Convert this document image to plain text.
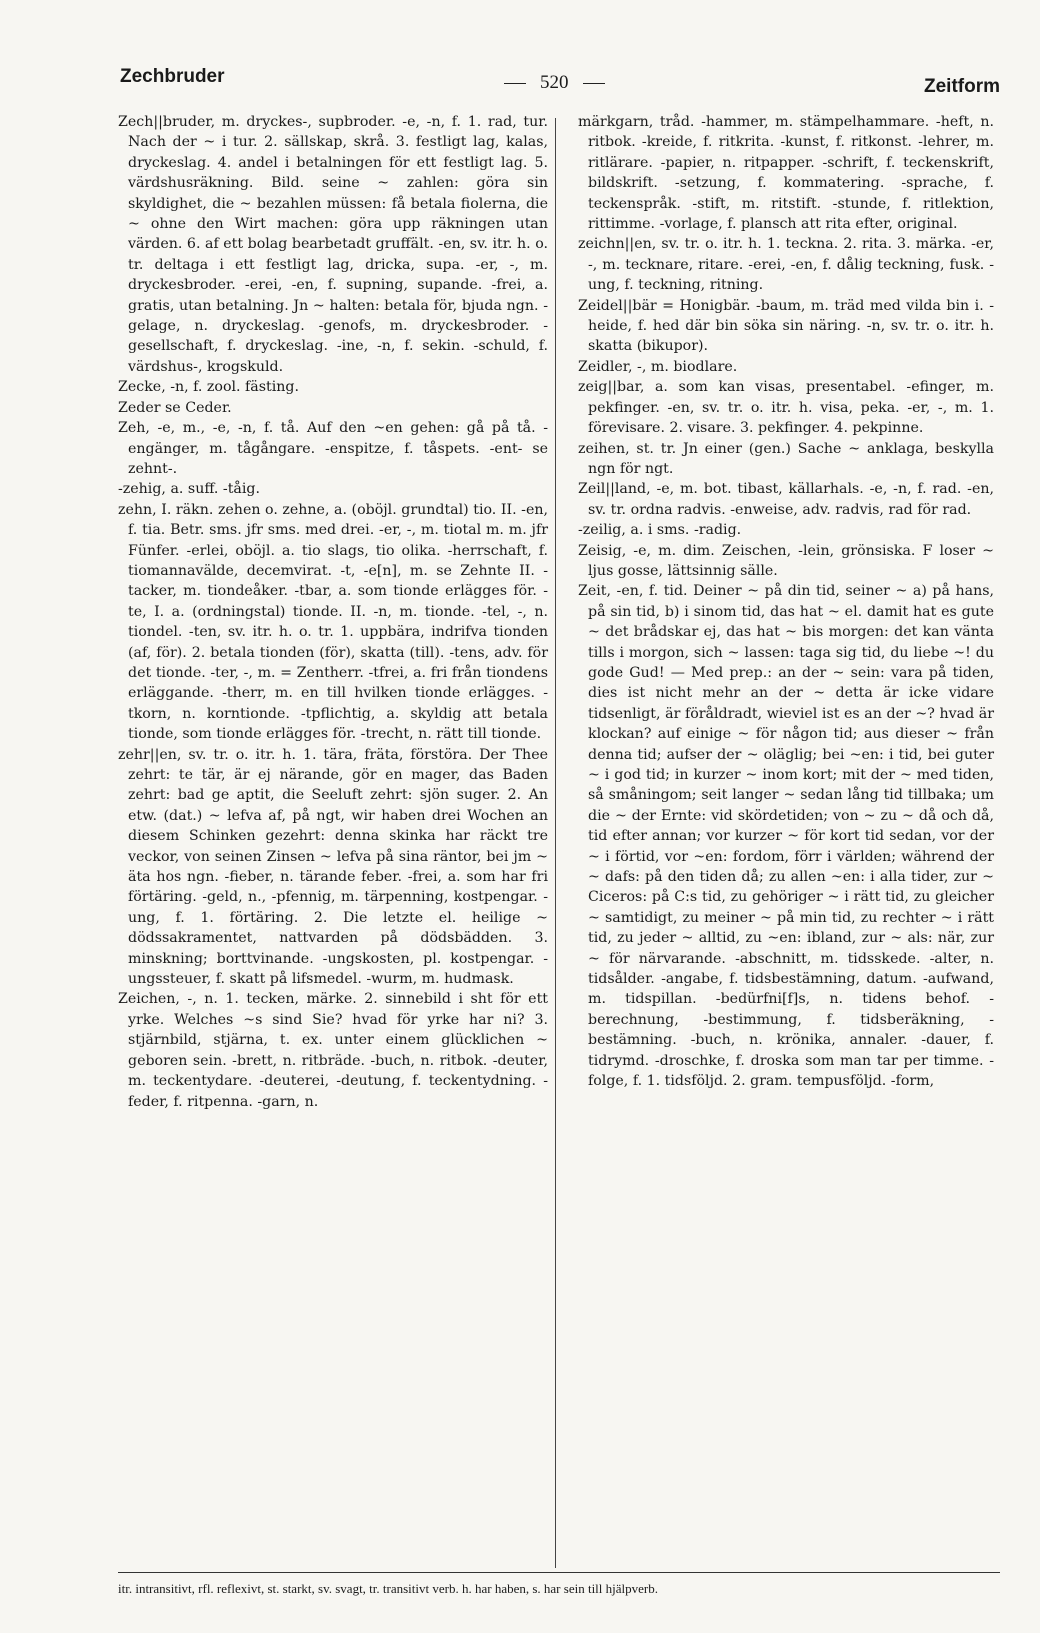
Zechbruder	520	Zeitform

Zech||bruder, m. dryckes-, supbroder. -e, -n, f. 1. rad, tur. Nach der ~ i tur. 2. sällskap, skrå. 3. festligt lag, kalas, dryckeslag. 4. andel i betalningen för ett festligt lag. 5. värdshusräkning. Bild. seine ~ zahlen: göra sin skyldighet, die ~ bezahlen müssen: få betala fiolerna, die ~ ohne den Wirt machen: göra upp räkningen utan värden. 6. af ett bolag bearbetadt gruffält. -en, sv. itr. h. o. tr. deltaga i ett festligt lag, dricka, supa. -er, -, m. dryckesbroder. -erei, -en, f. supning, supande. -frei, a. gratis, utan betalning. Jn ~ halten: betala för, bjuda ngn. -gelage, n. dryckeslag. -genofs, m. dryckesbroder. -gesellschaft, f. dryckeslag. -ine, -n, f. sekin. -schuld, f. värdshus-, krogskuld.

Zecke, -n, f. zool. fästing.

Zeder se Ceder.

Zeh, -e, m., -e, -n, f. tå. Auf den ~en gehen: gå på tå. -engänger, m. tågångare. -enspitze, f. tåspets. -ent- se zehnt-.

-zehig, a. suff. -tåig.

zehn, I. räkn. zehen o. zehne, a. (oböjl. grundtal) tio. II. -en, f. tia. Betr. sms. jfr sms. med drei. -er, -, m. tiotal m. m. jfr Fünfer. -erlei, oböjl. a. tio slags, tio olika. -herrschaft, f. tiomannavälde, decemvirat. -t, -e[n], m. se Zehnte II. -tacker, m. tiondeåker. -tbar, a. som tionde erlägges för. -te, I. a. (ordningstal) tionde. II. -n, m. tionde. -tel, -, n. tiondel. -ten, sv. itr. h. o. tr. 1. uppbära, indrifva tionden (af, för). 2. betala tionden (för), skatta (till). -tens, adv. för det tionde. -ter, -, m. = Zentherr. -tfrei, a. fri från tiondens erläggande. -therr, m. en till hvilken tionde erlägges. -tkorn, n. korntionde. -tpflichtig, a. skyldig att betala tionde, som tionde erlägges för. -trecht, n. rätt till tionde.

zehr||en, sv. tr. o. itr. h. 1. tära, fräta, förstöra. Der Thee zehrt: te tär, är ej närande, gör en mager, das Baden zehrt: bad ge aptit, die Seeluft zehrt: sjön suger. 2. An etw. (dat.) ~ lefva af, på ngt, wir haben drei Wochen an diesem Schinken gezehrt: denna skinka har räckt tre veckor, von seinen Zinsen ~ lefva på sina räntor, bei jm ~ äta hos ngn. -fieber, n. tärande feber. -frei, a. som har fri förtäring. -geld, n., -pfennig, m. tärpenning, kostpengar. -ung, f. 1. förtäring. 2. Die letzte el. heilige ~ dödssakramentet, nattvarden på dödsbädden. 3. minskning; borttvinande. -ungskosten, pl. kostpengar. -ungssteuer, f. skatt på lifsmedel. -wurm, m. hudmask.

Zeichen, -, n. 1. tecken, märke. 2. sinnebild i sht för ett yrke. Welches ~s sind Sie? hvad för yrke har ni? 3. stjärnbild, stjärna, t. ex. unter einem glücklichen ~ geboren sein. -brett, n. ritbräde. -buch, n. ritbok. -deuter, m. teckentydare. -deuterei, -deutung, f. teckentydning. -feder, f. ritpenna. -garn, n.

märkgarn, tråd. -hammer, m. stämpelhammare. -heft, n. ritbok. -kreide, f. ritkrita. -kunst, f. ritkonst. -lehrer, m. ritlärare. -papier, n. ritpapper. -schrift, f. teckenskrift, bildskrift. -setzung, f. kommatering. -sprache, f. teckenspråk. -stift, m. ritstift. -stunde, f. ritlektion, rittimme. -vorlage, f. plansch att rita efter, original.

zeichn||en, sv. tr. o. itr. h. 1. teckna. 2. rita. 3. märka. -er, -, m. tecknare, ritare. -erei, -en, f. dålig teckning, fusk. -ung, f. teckning, ritning.

Zeidel||bär = Honigbär. -baum, m. träd med vilda bin i. -heide, f. hed där bin söka sin näring. -n, sv. tr. o. itr. h. skatta (bikupor).

Zeidler, -, m. biodlare.

zeig||bar, a. som kan visas, presentabel. -efinger, m. pekfinger. -en, sv. tr. o. itr. h. visa, peka. -er, -, m. 1. förevisare. 2. visare. 3. pekfinger. 4. pekpinne.

zeihen, st. tr. Jn einer (gen.) Sache ~ anklaga, beskylla ngn för ngt.

Zeil||land, -e, m. bot. tibast, källarhals. -e, -n, f. rad. -en, sv. tr. ordna radvis. -enweise, adv. radvis, rad för rad.

-zeilig, a. i sms. -radig.

Zeisig, -e, m. dim. Zeischen, -lein, grönsiska. F loser ~ ljus gosse, lättsinnig sälle.

Zeit, -en, f. tid. Deiner ~ på din tid, seiner ~ a) på hans, på sin tid, b) i sinom tid, das hat ~ el. damit hat es gute ~ det brådskar ej, das hat ~ bis morgen: det kan vänta tills i morgon, sich ~ lassen: taga sig tid, du liebe ~! du gode Gud! — Med prep.: an der ~ sein: vara på tiden, dies ist nicht mehr an der ~ detta är icke vidare tidsenligt, är föråldradt, wieviel ist es an der ~? hvad är klockan? auf einige ~ för någon tid; aus dieser ~ från denna tid; aufser der ~ oläglig; bei ~en: i tid, bei guter ~ i god tid; in kurzer ~ inom kort; mit der ~ med tiden, så småningom; seit langer ~ sedan lång tid tillbaka; um die ~ der Ernte: vid skördetiden; von ~ zu ~ då och då, tid efter annan; vor kurzer ~ för kort tid sedan, vor der ~ i förtid, vor ~en: fordom, förr i världen; während der ~ dafs: på den tiden då; zu allen ~en: i alla tider, zur ~ Ciceros: på C:s tid, zu gehöriger ~ i rätt tid, zu gleicher ~ samtidigt, zu meiner ~ på min tid, zu rechter ~ i rätt tid, zu jeder ~ alltid, zu ~en: ibland, zur ~ als: när, zur ~ för närvarande. -abschnitt, m. tidsskede. -alter, n. tidsålder. -angabe, f. tidsbestämning, datum. -aufwand, m. tidspillan. -bedürfni[f]s, n. tidens behof. -berechnung, -bestimmung, f. tidsberäkning, -bestämning. -buch, n. krönika, annaler. -dauer, f. tidrymd. -droschke, f. droska som man tar per timme. -folge, f. 1. tidsföljd. 2. gram. tempusföljd. -form,

itr. intransitivt, rfl. reflexivt, st. starkt, sv. svagt, tr. transitivt verb. h. har haben, s. har sein till hjälpverb.
